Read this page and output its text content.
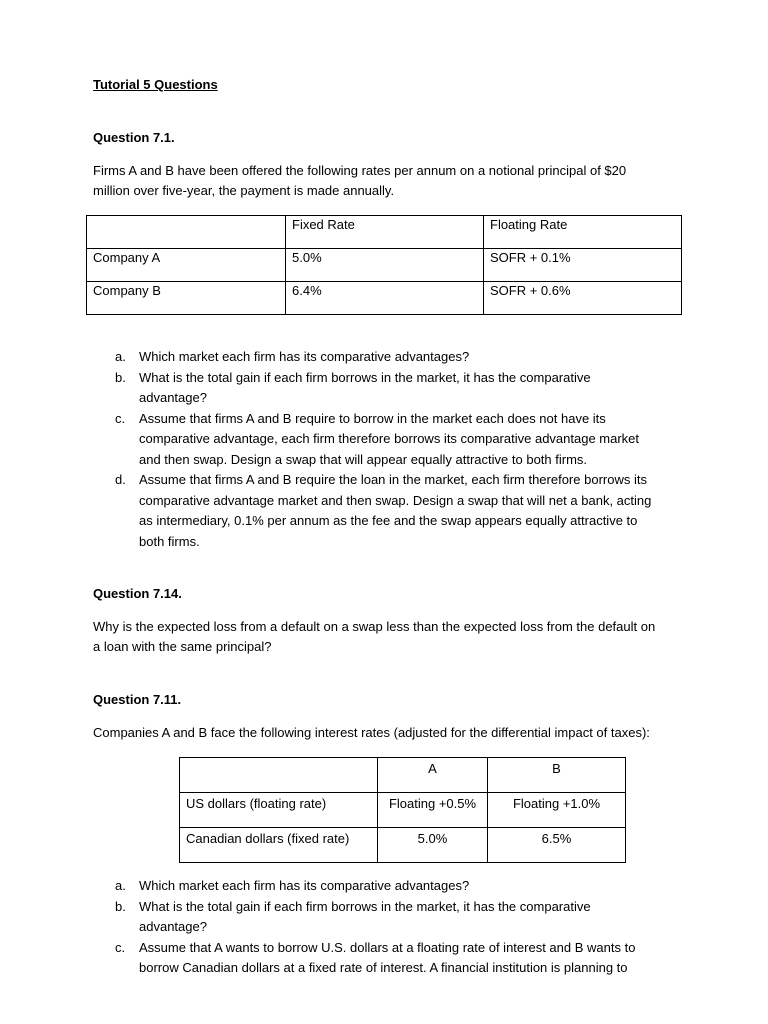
Tutorial 5 Questions
Question 7.1.
Firms A and B have been offered the following rates per annum on a notional principal of $20
million over five-year, the payment is made annually.
	Fixed Rate	Floating Rate
Company A	5.0%	SOFR + 0.1%
Company B	6.4%	SOFR + 0.6%
a. Which market each firm has its comparative advantages?
b. What is the total gain if each firm borrows in the market, it has the comparative
advantage?
c. Assume that firms A and B require to borrow in the market each does not have its
comparative advantage, each firm therefore borrows its comparative advantage market
and then swap. Design a swap that will appear equally attractive to both firms.
d. Assume that firms A and B require the loan in the market, each firm therefore borrows its
comparative advantage market and then swap. Design a swap that will net a bank, acting
as intermediary, 0.1% per annum as the fee and the swap appears equally attractive to
both firms.
Question 7.14.
Why is the expected loss from a default on a swap less than the expected loss from the default on
a loan with the same principal?
Question 7.11.
Companies A and B face the following interest rates (adjusted for the differential impact of taxes):
	A	B
US dollars (floating rate)	Floating +0.5%	Floating +1.0%
Canadian dollars (fixed rate)	5.0%	6.5%
a. Which market each firm has its comparative advantages?
b. What is the total gain if each firm borrows in the market, it has the comparative
advantage?
c. Assume that A wants to borrow U.S. dollars at a floating rate of interest and B wants to
borrow Canadian dollars at a fixed rate of interest. A financial institution is planning to
